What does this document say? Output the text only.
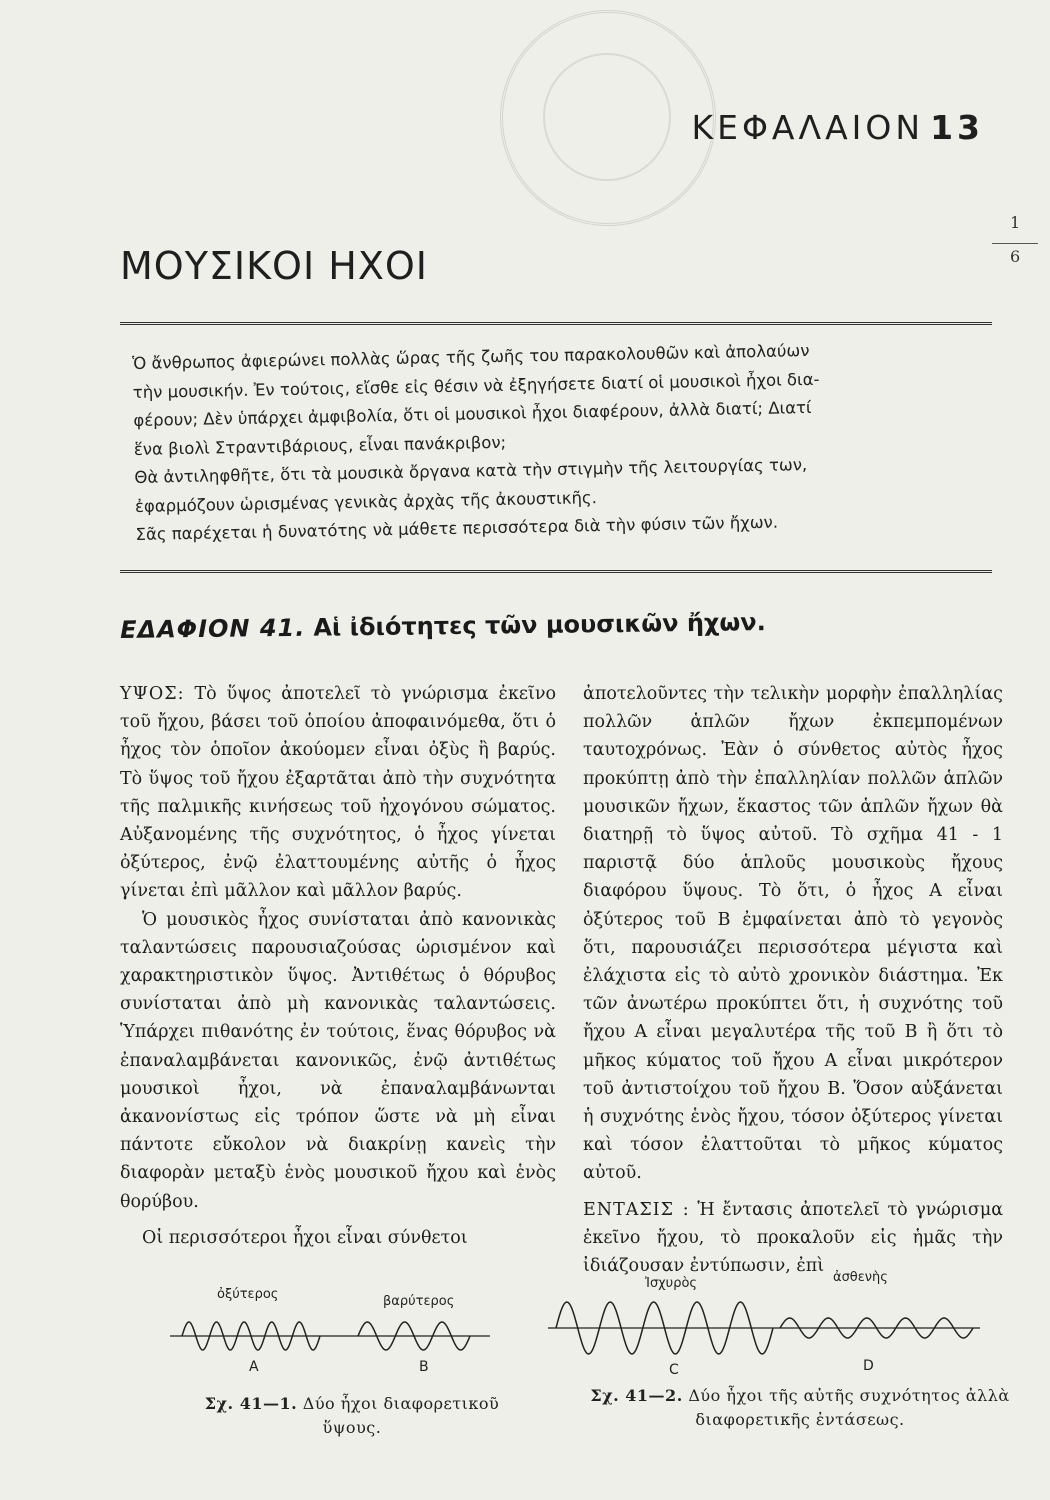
ΚΕΦΑΛΑΙΟΝ 13
ΜΟΥΣΙΚΟΙ ΗΧΟΙ
1
6

Ὁ ἄνθρωπος ἀφιερώνει πολλὰς ὥρας τῆς ζωῆς του παρακολουθῶν καὶ ἀπολαύων

τὴν μουσικήν. Ἐν τούτοις, εἴσθε εἰς θέσιν νὰ ἐξηγήσετε διατί οἱ μουσικοὶ ἦχοι δια-

φέρουν; Δὲν ὑπάρχει ἀμφιβολία, ὅτι οἱ μουσικοὶ ἦχοι διαφέρουν, ἀλλὰ διατί; Διατί

ἕνα βιολὶ Στραντιβάριους, εἶναι πανάκριβον;

Θὰ ἀντιληφθῆτε, ὅτι τὰ μουσικὰ ὄργανα κατὰ τὴν στιγμὴν τῆς λειτουργίας των,

ἐφαρμόζουν ὡρισμένας γενικὰς ἀρχὰς τῆς ἀκουστικῆς.

Σᾶς παρέχεται ἡ δυνατότης νὰ μάθετε περισσότερα διὰ τὴν φύσιν τῶν ἤχων.

ΕΔΑΦΙΟΝ 41. Αἱ ἰδιότητες τῶν μουσικῶν ἤχων.

ΥΨΟΣ: Τὸ ὕψος ἀποτελεῖ τὸ γνώρισμα ἐκεῖνο τοῦ ἤχου, βάσει τοῦ ὁποίου ἀποφαινόμεθα, ὅτι ὁ ἦχος τὸν ὁποῖον ἀκούομεν εἶναι ὀξὺς ἢ βαρύς. Τὸ ὕψος τοῦ ἤχου ἐξαρτᾶται ἀπὸ τὴν συχνότητα τῆς παλμικῆς κινήσεως τοῦ ἠχογόνου σώματος. Αὐξανομένης τῆς συχνότητος, ὁ ἦχος γίνεται ὀξύτερος, ἐνῷ ἐλαττουμένης αὐτῆς ὁ ἦχος γίνεται ἐπὶ μᾶλλον καὶ μᾶλλον βαρύς.

Ὁ μουσικὸς ἦχος συνίσταται ἀπὸ κανονικὰς ταλαντώσεις παρουσιαζούσας ὡρισμένον καὶ χαρακτηριστικὸν ὕψος. Ἀντιθέτως ὁ θόρυβος συνίσταται ἀπὸ μὴ κανονικὰς ταλαντώσεις. Ὑπάρχει πιθανότης ἐν τούτοις, ἕνας θόρυβος νὰ ἐπαναλαμβάνεται κανονικῶς, ἐνῷ ἀντιθέτως μουσικοὶ ἦχοι, νὰ ἐπαναλαμβάνωνται ἀκανονίστως εἰς τρόπον ὥστε νὰ μὴ εἶναι πάντοτε εὔκολον νὰ διακρίνῃ κανεὶς τὴν διαφορὰν μεταξὺ ἑνὸς μουσικοῦ ἤχου καὶ ἑνὸς θορύβου.

Οἱ περισσότεροι ἦχοι εἶναι σύνθετοι

ἀποτελοῦντες τὴν τελικὴν μορφὴν ἐπαλληλίας πολλῶν ἁπλῶν ἤχων ἐκπεμπομένων ταυτοχρόνως. Ἐὰν ὁ σύνθετος αὐτὸς ἦχος προκύπτῃ ἀπὸ τὴν ἐπαλληλίαν πολλῶν ἁπλῶν μουσικῶν ἤχων, ἕκαστος τῶν ἁπλῶν ἤχων θὰ διατηρῇ τὸ ὕψος αὐτοῦ. Τὸ σχῆμα 41 - 1 παριστᾷ δύο ἁπλοῦς μουσικοὺς ἤχους διαφόρου ὕψους. Τὸ ὅτι, ὁ ἦχος Α εἶναι ὀξύτερος τοῦ Β ἐμφαίνεται ἀπὸ τὸ γεγονὸς ὅτι, παρουσιάζει περισσότερα μέγιστα καὶ ἐλάχιστα εἰς τὸ αὐτὸ χρονικὸν διάστημα. Ἐκ τῶν ἀνωτέρω προκύπτει ὅτι, ἡ συχνότης τοῦ ἤχου Α εἶναι μεγαλυτέρα τῆς τοῦ Β ἢ ὅτι τὸ μῆκος κύματος τοῦ ἤχου Α εἶναι μικρότερον τοῦ ἀντιστοίχου τοῦ ἤχου Β. Ὅσον αὐξάνεται ἡ συχνότης ἑνὸς ἤχου, τόσον ὀξύτερος γίνεται καὶ τόσον ἐλαττοῦται τὸ μῆκος κύματος αὐτοῦ.

ΕΝΤΑΣΙΣ : Ἡ ἔντασις ἀποτελεῖ τὸ γνώρισμα ἐκεῖνο ἤχου, τὸ προκαλοῦν εἰς ἡμᾶς τὴν ἰδιάζουσαν ἐντύπωσιν, ἐπὶ

ὀξύτερος	βαρύτερος
A	B
Σχ. 41—1. Δύο ἦχοι διαφορετικοῦ ὕψους.
Ἰσχυρὸς	ἀσθενὴς
C	D
Σχ. 41—2. Δύο ἦχοι τῆς αὐτῆς συχνότητος ἀλλὰ διαφορετικῆς ἐντάσεως.
